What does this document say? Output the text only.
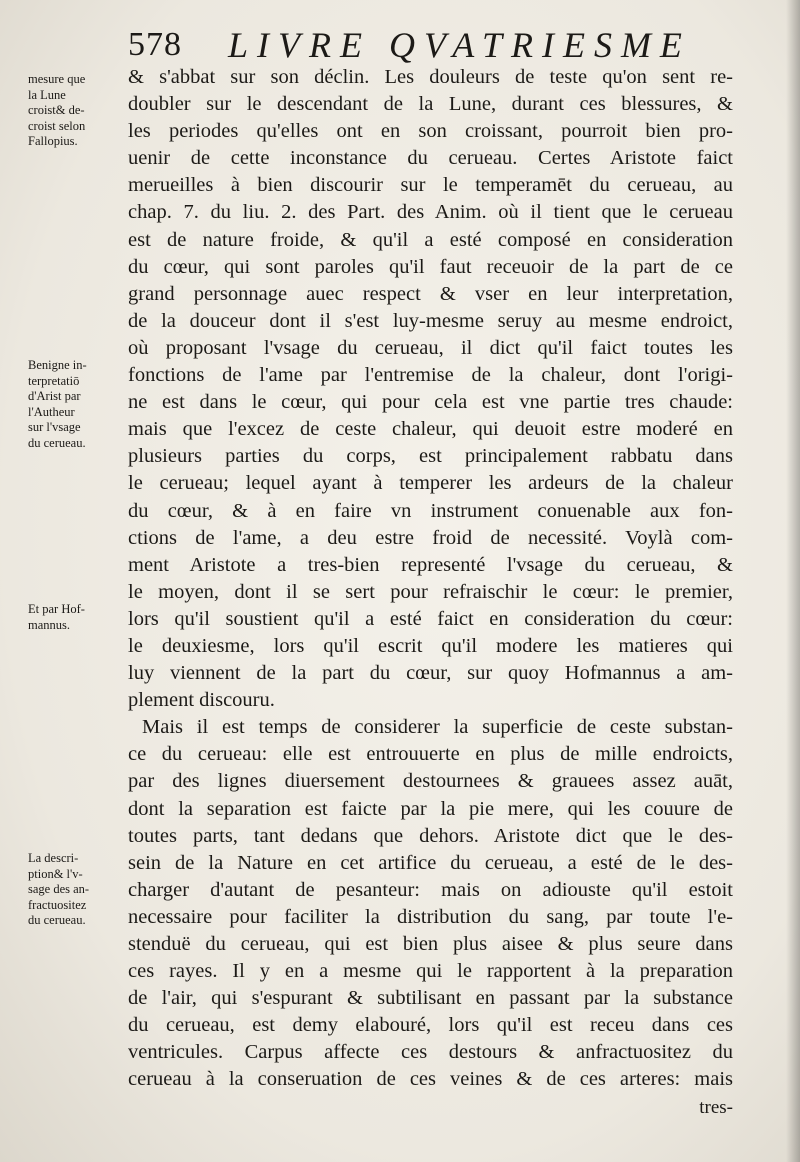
578 LIVRE QVATRIESME
mesure que
la Lune
croist& de-
croist selon
Fallopius.
Benigne in-
terpretatiō
d'Arist par
l'Autheur
sur l'vsage
du cerueau.
Et par Hof-
mannus.
La descri-
ption& l'v-
sage des an-
fractuositez
du cerueau.
& s'abbat sur son déclin. Les douleurs de teste qu'on sent re-
doubler sur le descendant de la Lune, durant ces blessures, &
les periodes qu'elles ont en son croissant, pourroit bien pro-
uenir de cette inconstance du cerueau. Certes Aristote faict
merueilles à bien discourir sur le temperamēt du cerueau, au
chap. 7. du liu. 2. des Part. des Anim. où il tient que le cerueau
est de nature froide, & qu'il a esté composé en consideration
du cœur, qui sont paroles qu'il faut receuoir de la part de ce
grand personnage auec respect & vser en leur interpretation,
de la douceur dont il s'est luy-mesme seruy au mesme endroict,
où proposant l'vsage du cerueau, il dict qu'il faict toutes les
fonctions de l'ame par l'entremise de la chaleur, dont l'origi-
ne est dans le cœur, qui pour cela est vne partie tres chaude:
mais que l'excez de ceste chaleur, qui deuoit estre moderé en
plusieurs parties du corps, est principalement rabbatu dans
le cerueau; lequel ayant à temperer les ardeurs de la chaleur
du cœur, & à en faire vn instrument conuenable aux fon-
ctions de l'ame, a deu estre froid de necessité. Voylà com-
ment Aristote a tres-bien representé l'vsage du cerueau, &
le moyen, dont il se sert pour refraischir le cœur: le premier,
lors qu'il soustient qu'il a esté faict en consideration du cœur:
le deuxiesme, lors qu'il escrit qu'il modere les matieres qui
luy viennent de la part du cœur, sur quoy Hofmannus a am-
plement discouru.
Mais il est temps de considerer la superficie de ceste substan-
ce du cerueau: elle est entrouuerte en plus de mille endroicts,
par des lignes diuersement destournees & grauees assez auāt,
dont la separation est faicte par la pie mere, qui les couure de
toutes parts, tant dedans que dehors. Aristote dict que le des-
sein de la Nature en cet artifice du cerueau, a esté de le des-
charger d'autant de pesanteur: mais on adiouste qu'il estoit
necessaire pour faciliter la distribution du sang, par toute l'e-
stenduë du cerueau, qui est bien plus aisee & plus seure dans
ces rayes. Il y en a mesme qui le rapportent à la preparation
de l'air, qui s'espurant & subtilisant en passant par la substance
du cerueau, est demy elabouré, lors qu'il est receu dans ces
ventricules. Carpus affecte ces destours & anfractuositez du
cerueau à la conseruation de ces veines & de ces arteres: mais
tres-
